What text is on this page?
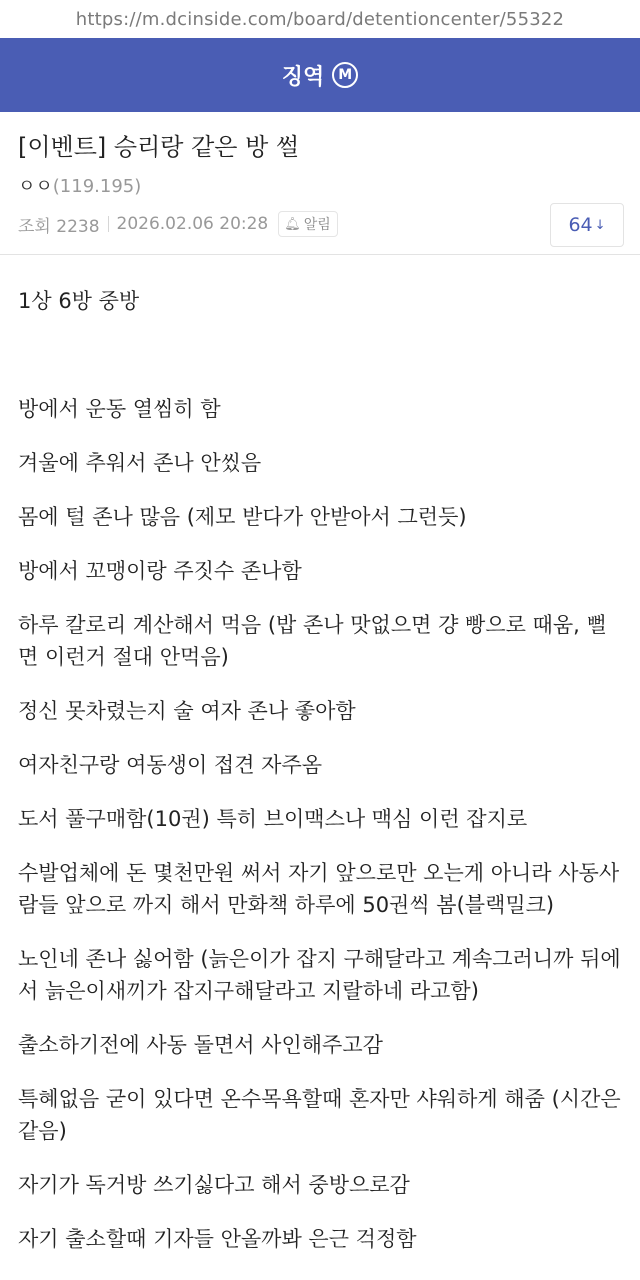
https://m.dcinside.com/board/detentioncenter/55322
징역	M
[이벤트] 승리랑 같은 방 썰
ㅇㅇ(119.195)
조회 2238 2026.02.06 20:28 🔔︎ 알림	64 ↓

1상 6방 중방

방에서 운동 열씸히 함

겨울에 추워서 존나 안씼음

몸에 털 존나 많음 (제모 받다가 안받아서 그런듯)

방에서 꼬맹이랑 주짓수 존나함

하루 칼로리 계산해서 먹음 (밥 존나 맛없으면 걍 빵으로 때움, 뻘면 이런거 절대 안먹음)

정신 못차렸는지 술 여자 존나 좋아함

여자친구랑 여동생이 접견 자주옴

도서 풀구매함(10권) 특히 브이맥스나 맥심 이런 잡지로

수발업체에 돈 몇천만원 써서 자기 앞으로만 오는게 아니라 사동사람들 앞으로 까지 해서 만화책 하루에 50권씩 봄(블랙밀크)

노인네 존나 싫어함 (늙은이가 잡지 구해달라고 계속그러니까 뒤에서 늙은이새끼가 잡지구해달라고 지랄하네 라고함)

출소하기전에 사동 돌면서 사인해주고감

특혜없음 굳이 있다면 온수목욕할때 혼자만 샤워하게 해줌 (시간은 같음)

자기가 독거방 쓰기싫다고 해서 중방으로감

자기 출소할때 기자들 안올까봐 은근 걱정함
